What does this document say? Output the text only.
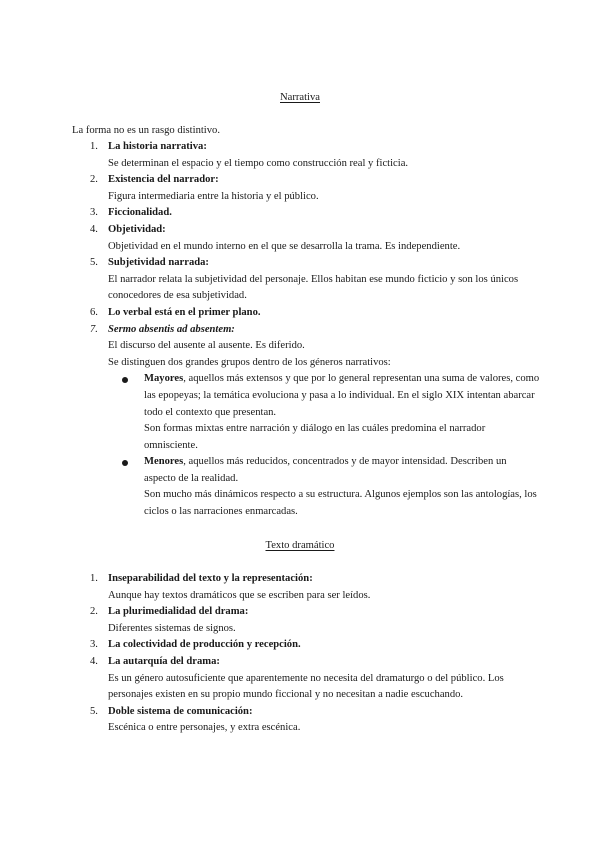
Narrativa
La forma no es un rasgo distintivo.
1. La historia narrativa:
Se determinan el espacio y el tiempo como construcción real y ficticia.
2. Existencia del narrador:
Figura intermediaria entre la historia y el público.
3. Ficcionalidad.
4. Objetividad:
Objetividad en el mundo interno en el que se desarrolla la trama. Es independiente.
5. Subjetividad narrada:
El narrador relata la subjetividad del personaje. Ellos habitan ese mundo ficticio y son los únicos conocedores de esa subjetividad.
6. Lo verbal está en el primer plano.
7. Sermo absentis ad absentem:
El discurso del ausente al ausente. Es diferido.
Se distinguen dos grandes grupos dentro de los géneros narrativos:
Mayores, aquellos más extensos y que por lo general representan una suma de valores, como las epopeyas; la temática evoluciona y pasa a lo individual. En el siglo XIX intentan abarcar todo el contexto que presentan.
Son formas mixtas entre narración y diálogo en las cuáles predomina el narrador omnisciente.
Menores, aquellos más reducidos, concentrados y de mayor intensidad. Describen un aspecto de la realidad.
Son mucho más dinámicos respecto a su estructura. Algunos ejemplos son las antologías, los ciclos o las narraciones enmarcadas.
Texto dramático
1. Inseparabilidad del texto y la representación:
Aunque hay textos dramáticos que se escriben para ser leídos.
2. La plurimedialidad del drama:
Diferentes sistemas de signos.
3. La colectividad de producción y recepción.
4. La autarquía del drama:
Es un género autosuficiente que aparentemente no necesita del dramaturgo o del público. Los personajes existen en su propio mundo ficcional y no necesitan a nadie escuchando.
5. Doble sistema de comunicación:
Escénica o entre personajes, y extra escénica.
